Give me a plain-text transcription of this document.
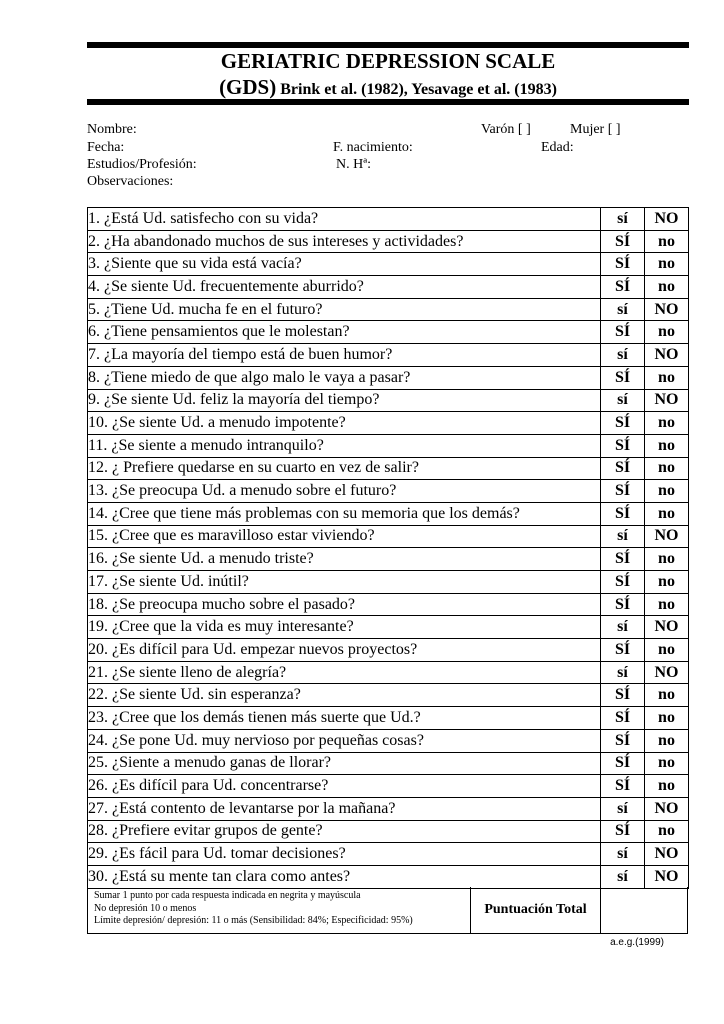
GERIATRIC DEPRESSION SCALE
(GDS) Brink et al. (1982), Yesavage et al. (1983)
Nombre:	Varón [ ]	Mujer [ ]
Fecha:	F. nacimiento:	Edad:
Estudios/Profesión:	N. Hª:
Observaciones:
1. ¿Está Ud. satisfecho con su vida?	sí	NO
2. ¿Ha abandonado muchos de sus intereses y actividades?	SÍ	no
3. ¿Siente que su vida está vacía?	SÍ	no
4. ¿Se siente Ud. frecuentemente aburrido?	SÍ	no
5. ¿Tiene Ud. mucha fe en el futuro?	sí	NO
6. ¿Tiene pensamientos que le molestan?	SÍ	no
7. ¿La mayoría del tiempo está de buen humor?	sí	NO
8. ¿Tiene miedo de que algo malo le vaya a pasar?	SÍ	no
9. ¿Se siente Ud. feliz la mayoría del tiempo?	sí	NO
10. ¿Se siente Ud. a menudo impotente?	SÍ	no
11. ¿Se siente a menudo intranquilo?	SÍ	no
12. ¿ Prefiere quedarse en su cuarto en vez de salir?	SÍ	no
13. ¿Se preocupa Ud. a menudo sobre el futuro?	SÍ	no
14. ¿Cree que tiene más problemas con su memoria que los demás?	SÍ	no
15. ¿Cree que es maravilloso estar viviendo?	sí	NO
16. ¿Se siente Ud. a menudo triste?	SÍ	no
17. ¿Se siente Ud. inútil?	SÍ	no
18. ¿Se preocupa mucho sobre el pasado?	SÍ	no
19. ¿Cree que la vida es muy interesante?	sí	NO
20. ¿Es difícil para Ud. empezar nuevos proyectos?	SÍ	no
21. ¿Se siente lleno de alegría?	sí	NO
22. ¿Se siente Ud. sin esperanza?	SÍ	no
23. ¿Cree que los demás tienen más suerte que Ud.?	SÍ	no
24. ¿Se pone Ud. muy nervioso por pequeñas cosas?	SÍ	no
25. ¿Siente a menudo ganas de llorar?	SÍ	no
26. ¿Es difícil para Ud. concentrarse?	SÍ	no
27. ¿Está contento de levantarse por la mañana?	sí	NO
28. ¿Prefiere evitar grupos de gente?	SÍ	no
29. ¿Es fácil para Ud. tomar decisiones?	sí	NO
30. ¿Está su mente tan clara como antes?	sí	NO
Sumar 1 punto por cada respuesta indicada en negrita y mayúscula
No depresión 10 o menos
Límite depresión/ depresión: 11 o más (Sensibilidad: 84%; Especificidad: 95%)
Puntuación Total
a.e.g.(1999)
